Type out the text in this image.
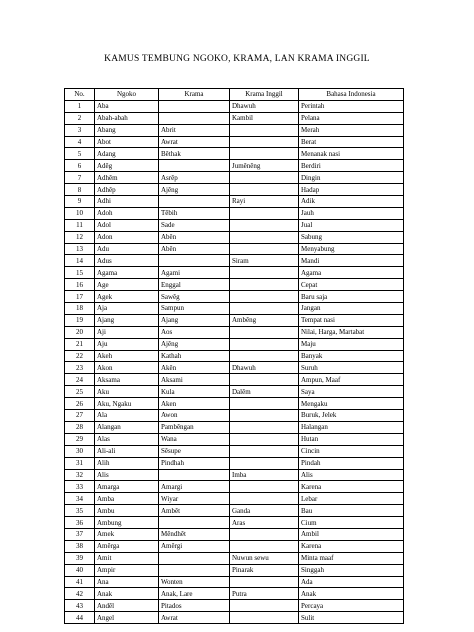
KAMUS TEMBUNG NGOKO, KRAMA, LAN KRAMA INGGIL
No.	Ngoko	Krama	Krama Inggil	Bahasa Indonesia
1	Aba		Dhawuh	Perintah
2	Abah-abah		Kambil	Pelana
3	Abang	Abrit		Merah
4	Abot	Awrat		Berat
5	Adang	Bêthak		Menanak nasi
6	Adêg		Jumênêng	Berdiri
7	Adhêm	Asrêp		Dingin
8	Adhêp	Ajêng		Hadap
9	Adhi		Rayi	Adik
10	Adoh	Têbih		Jauh
11	Adol	Sade		Jual
12	Adon	Abên		Sabung
13	Adu	Abên		Menyabung
14	Adus		Siram	Mandi
15	Agama	Agami		Agama
16	Age	Enggal		Cepat
17	Agek	Sawêg		Baru saja
18	Aja	Sampun		Jangan
19	Ajang	Ajang	Ambêng	Tempat nasi
20	Aji	Aos		Nilai, Harga, Martabat
21	Aju	Ajêng		Maju
22	Akeh	Kathah		Banyak
23	Akon	Akên	Dhawuh	Suruh
24	Aksama	Aksami		Ampun, Maaf
25	Aku	Kula	Dalêm	Saya
26	Aku, Ngaku	Aken		Mengaku
27	Ala	Awon		Buruk, Jelek
28	Alangan	Pambêngan		Halangan
29	Alas	Wana		Hutan
30	Ali-ali	Sêsupe		Cincin
31	Alih	Pindhah		Pindah
32	Alis		Imba	Alis
33	Amarga	Amargi		Karena
34	Amba	Wiyar		Lebar
35	Ambu	Ambêt	Ganda	Bau
36	Ambung		Aras	Cium
37	Amek	Mêndhêt		Ambil
38	Amêrga	Amêrgi		Karena
39	Amit		Nuwun sewu	Minta maaf
40	Ampir		Pinarak	Singgah
41	Ana	Wonten		Ada
42	Anak	Anak, Lare	Putra	Anak
43	Andêl	Pitados		Percaya
44	Angel	Awrat		Sulit
